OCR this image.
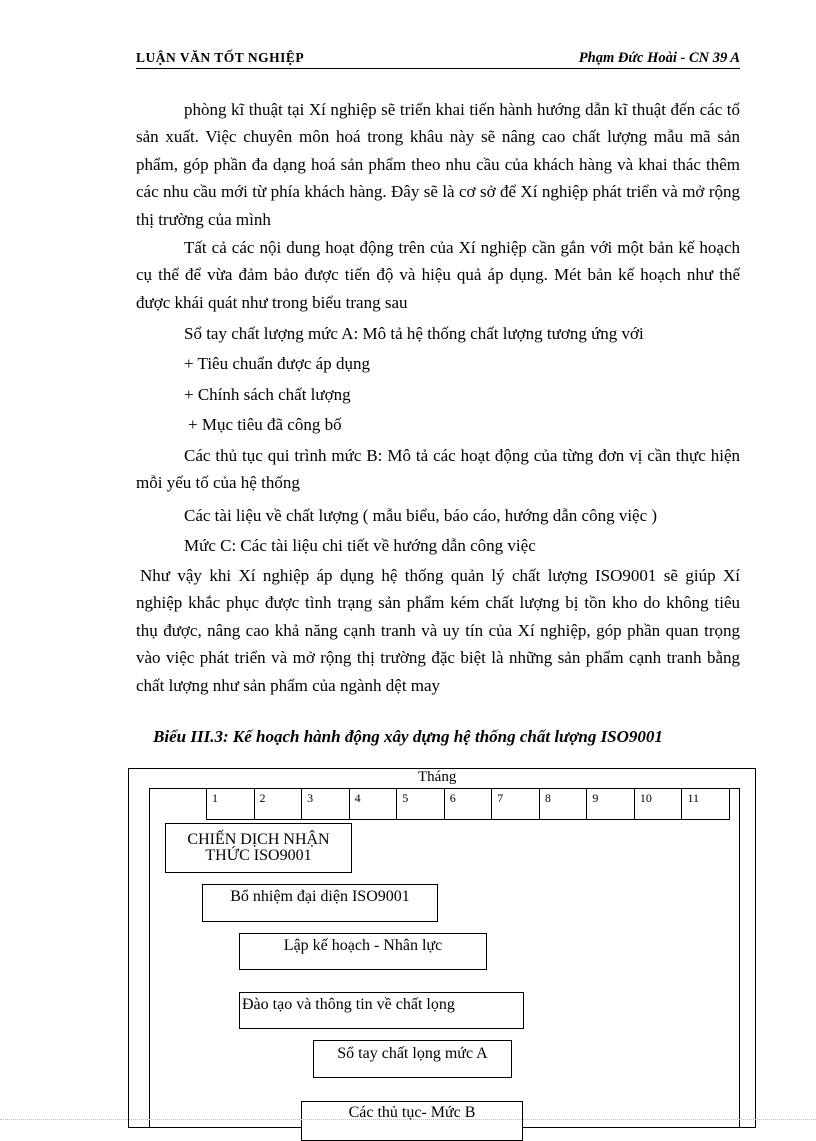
LUẬN VĂN TỐT NGHIỆP	Phạm Đức Hoài - CN 39 A

phòng kĩ thuật tại Xí nghiệp sẽ triển khai tiến hành hướng dẫn kĩ thuật đến các tổ sản xuất. Việc chuyên môn hoá trong khâu này sẽ nâng cao chất lượng mẫu mã sản phẩm, góp phần đa dạng hoá sản phẩm theo nhu cầu của khách hàng và khai thác thêm các nhu cầu mới từ phía khách hàng. Đây sẽ là cơ sở để Xí nghiệp phát triển và mở rộng thị trường của mình

Tất cả các nội dung hoạt động trên của Xí nghiệp cần gắn với một bản kế hoạch cụ thể để vừa đảm bảo được tiến độ và hiệu quả áp dụng. Mét bản kế hoạch như thế được khái quát như trong biểu trang sau

Sổ tay chất lượng mức A: Mô tả hệ thống chất lượng tương ứng với

+ Tiêu chuẩn được áp dụng

+ Chính sách chất lượng

+ Mục tiêu đã công bố

Các thủ tục qui trình mức B: Mô tả các hoạt động của từng đơn vị cần thực hiện mỗi yếu tố của hệ thống

Các tài liệu về chất lượng ( mẫu biểu, báo cáo, hướng dẫn công việc )

Mức C: Các tài liệu chi tiết về hướng dẫn công việc

Như vậy khi Xí nghiệp áp dụng hệ thống quản lý chất lượng ISO9001 sẽ giúp Xí nghiệp khắc phục được tình trạng sản phẩm kém chất lượng bị tồn kho do không tiêu thụ được, nâng cao khả năng cạnh tranh và uy tín của Xí nghiệp, góp phần quan trọng vào việc phát triển và mở rộng thị trường đặc biệt là những sản phẩm cạnh tranh bằng chất lượng như sản phẩm của ngành dệt may

Biểu III.3: Kế hoạch hành động xây dựng hệ thống chất lượng ISO9001
Tháng
1	2	3	4	5	6	7	8	9	10	11
CHIẾN DỊCH NHẬN
THỨC ISO9001
Bổ nhiệm đại diện ISO9001
Lập kế hoạch - Nhân lực
Đào tạo và thông tin về chất lọng
Sổ tay chất lọng mức A
Các thủ tục- Mức B
